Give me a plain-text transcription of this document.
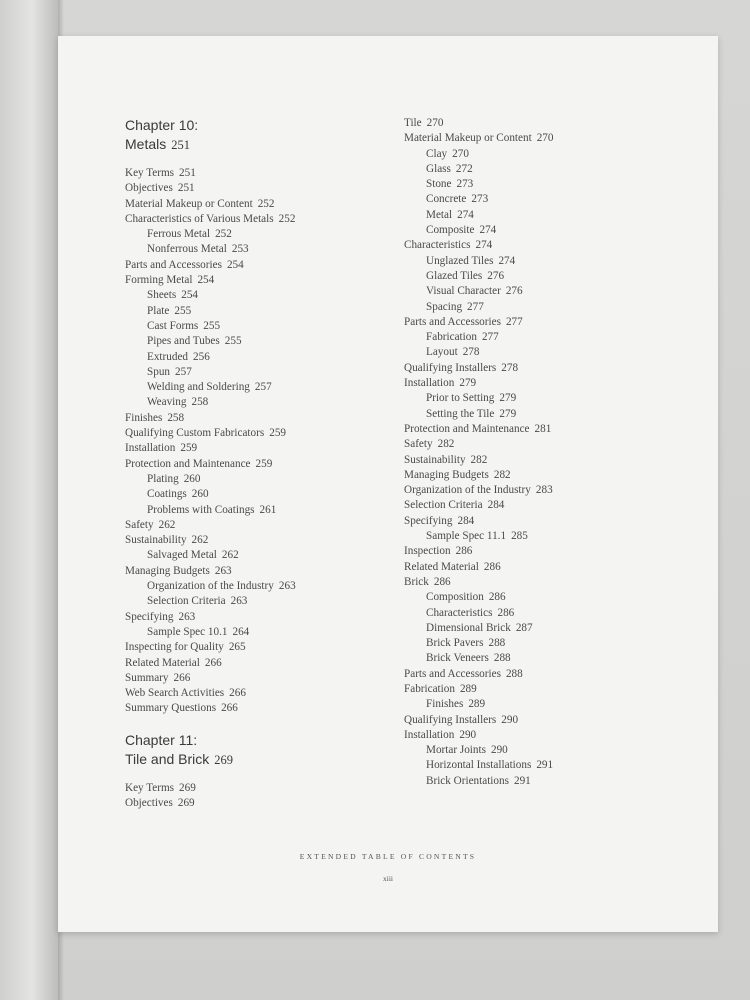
Chapter 10:
Metals 251
Key Terms 251
Objectives 251
Material Makeup or Content 252
Characteristics of Various Metals 252
Ferrous Metal 252
Nonferrous Metal 253
Parts and Accessories 254
Forming Metal 254
Sheets 254
Plate 255
Cast Forms 255
Pipes and Tubes 255
Extruded 256
Spun 257
Welding and Soldering 257
Weaving 258
Finishes 258
Qualifying Custom Fabricators 259
Installation 259
Protection and Maintenance 259
Plating 260
Coatings 260
Problems with Coatings 261
Safety 262
Sustainability 262
Salvaged Metal 262
Managing Budgets 263
Organization of the Industry 263
Selection Criteria 263
Specifying 263
Sample Spec 10.1 264
Inspecting for Quality 265
Related Material 266
Summary 266
Web Search Activities 266
Summary Questions 266
Chapter 11:
Tile and Brick 269
Key Terms 269
Objectives 269
Tile 270
Material Makeup or Content 270
Clay 270
Glass 272
Stone 273
Concrete 273
Metal 274
Composite 274
Characteristics 274
Unglazed Tiles 274
Glazed Tiles 276
Visual Character 276
Spacing 277
Parts and Accessories 277
Fabrication 277
Layout 278
Qualifying Installers 278
Installation 279
Prior to Setting 279
Setting the Tile 279
Protection and Maintenance 281
Safety 282
Sustainability 282
Managing Budgets 282
Organization of the Industry 283
Selection Criteria 284
Specifying 284
Sample Spec 11.1 285
Inspection 286
Related Material 286
Brick 286
Composition 286
Characteristics 286
Dimensional Brick 287
Brick Pavers 288
Brick Veneers 288
Parts and Accessories 288
Fabrication 289
Finishes 289
Qualifying Installers 290
Installation 290
Mortar Joints 290
Horizontal Installations 291
Brick Orientations 291
EXTENDED TABLE OF CONTENTS
xiii
